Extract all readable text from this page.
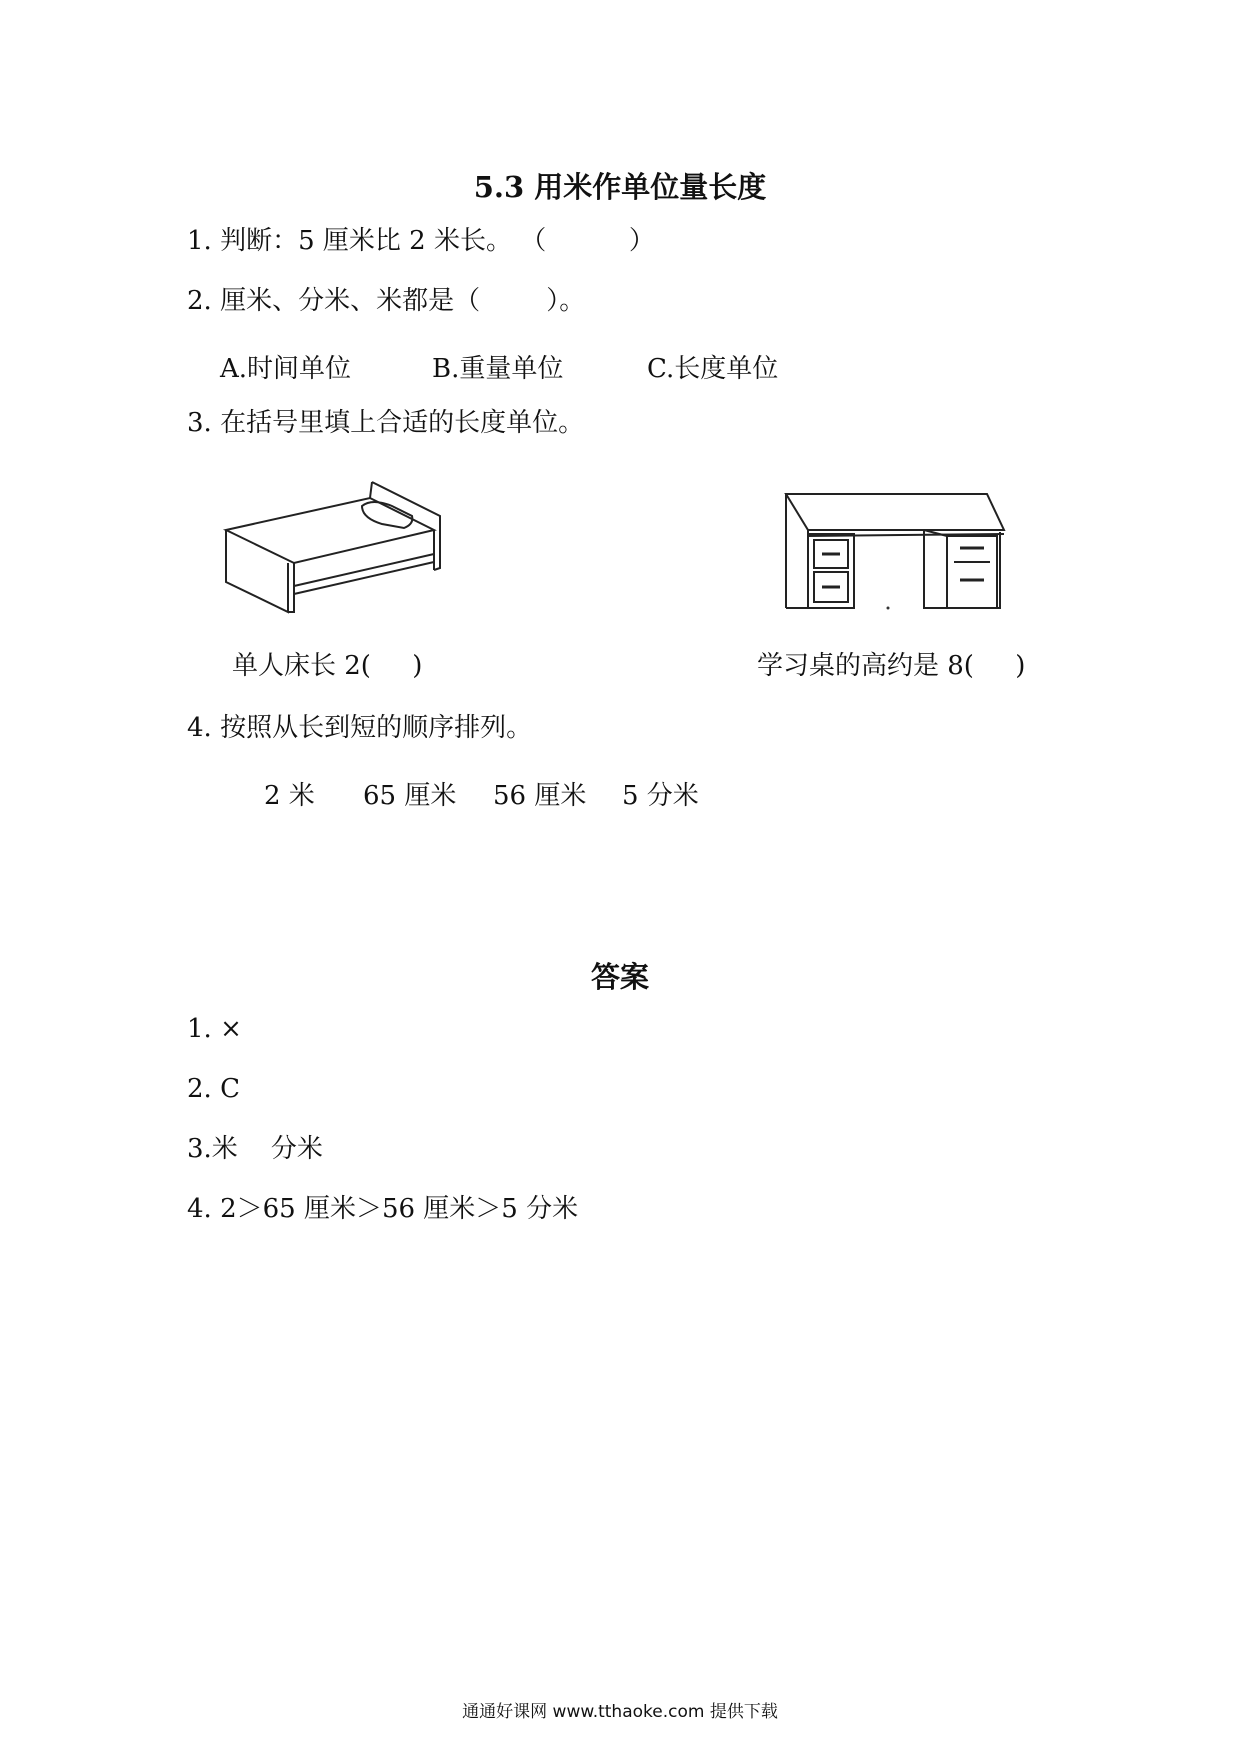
5.3 用米作单位量长度
1. 判断：5 厘米比 2 米长。 （          ）
2. 厘米、分米、米都是（        ）。
A.时间单位	B.重量单位	C.长度单位
3. 在括号里填上合适的长度单位。
单人床长 2(     )	学习桌的高约是 8(     )
4. 按照从长到短的顺序排列。
2 米 65 厘米 56 厘米 5 分米
答案
1. ×
2. C
3.米    分米
4. 2＞65 厘米＞56 厘米＞5 分米
通通好课网 www.tthaoke.com 提供下载
